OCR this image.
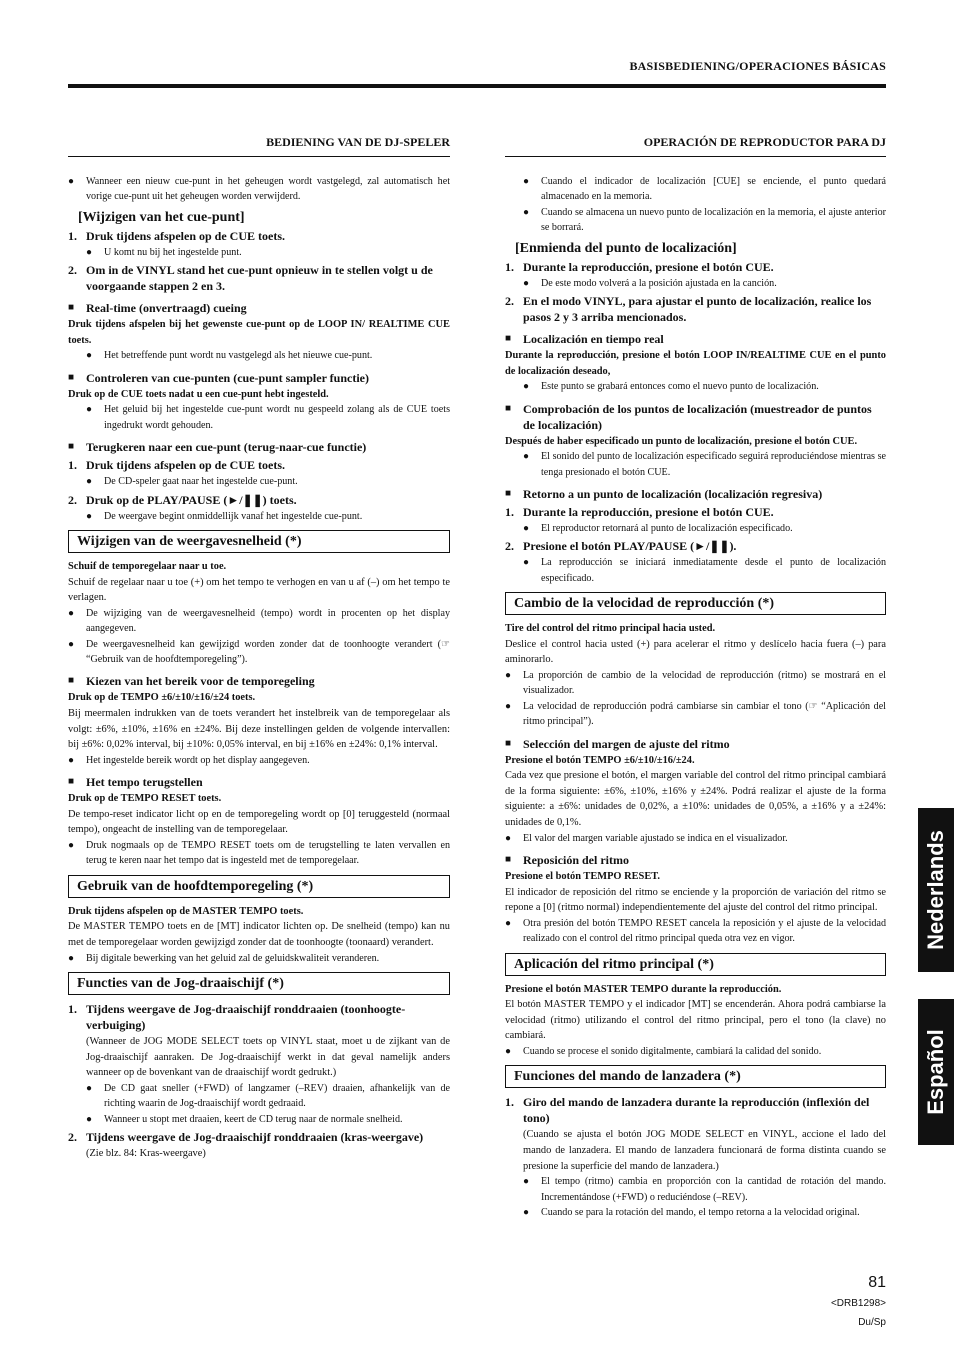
BASISBEDIENING/OPERACIONES BÁSICAS
BEDIENING VAN DE DJ-SPELER

● Wanneer een nieuw cue-punt in het geheugen wordt vastgelegd, zal automatisch het vorige cue-punt uit het geheugen worden verwijderd.

[Wijzigen van het cue-punt]
1. Druk tijdens afspelen op de CUE toets.

● U komt nu bij het ingestelde punt.

2. Om in de VINYL stand het cue-punt opnieuw in te stellen volgt u de voorgaande stappen 2 en 3.
■ Real-time (onvertraagd) cueing

Druk tijdens afspelen bij het gewenste cue-punt op de LOOP IN/ REALTIME CUE toets.

● Het betreffende punt wordt nu vastgelegd als het nieuwe cue-punt.

■ Controleren van cue-punten (cue-punt sampler functie)

Druk op de CUE toets nadat u een cue-punt hebt ingesteld.

● Het geluid bij het ingestelde cue-punt wordt nu gespeeld zolang als de CUE toets ingedrukt wordt gehouden.

■ Terugkeren naar een cue-punt (terug-naar-cue functie)
1. Druk tijdens afspelen op de CUE toets.

● De CD-speler gaat naar het ingestelde cue-punt.

2. Druk op de PLAY/PAUSE (►/❚❚) toets.

● De weergave begint onmiddellijk vanaf het ingestelde cue-punt.

Wijzigen van de weergavesnelheid (*)

Schuif de temporegelaar naar u toe.

Schuif de regelaar naar u toe (+) om het tempo te verhogen en van u af (–) om het tempo te verlagen.

● De wijziging van de weergavesnelheid (tempo) wordt in procenten op het display aangegeven.

● De weergavesnelheid kan gewijzigd worden zonder dat de toonhoogte verandert (☞ “Gebruik van de hoofdtemporegeling”).

■ Kiezen van het bereik voor de temporegeling

Druk op de TEMPO ±6/±10/±16/±24 toets.

Bij meermalen indrukken van de toets verandert het instelbreik van de temporegelaar als volgt: ±6%, ±10%, ±16% en ±24%. Bij deze instellingen gelden de volgende intervallen: bij ±6%: 0,02% interval, bij ±10%: 0,05% interval, en bij ±16% en ±24%: 0,1% interval.

● Het ingestelde bereik wordt op het display aangegeven.

■ Het tempo terugstellen

Druk op de TEMPO RESET toets.

De tempo-reset indicator licht op en de temporegeling wordt op [0] teruggesteld (normaal tempo), ongeacht de instelling van de temporegelaar.

● Druk nogmaals op de TEMPO RESET toets om de terugstelling te laten vervallen en terug te keren naar het tempo dat is ingesteld met de temporegelaar.

Gebruik van de hoofdtemporegeling (*)

Druk tijdens afspelen op de MASTER TEMPO toets.

De MASTER TEMPO toets en de [MT] indicator lichten op. De snelheid (tempo) kan nu met de temporegelaar worden gewijzigd zonder dat de toonhoogte (toonaard) verandert.

● Bij digitale bewerking van het geluid zal de geluidskwaliteit veranderen.

Functies van de Jog-draaischijf (*)
1. Tijdens weergave de Jog-draaischijf ronddraaien (toonhoogte-verbuiging)

(Wanneer de JOG MODE SELECT toets op VINYL staat, moet u de zijkant van de Jog-draaischijf aanraken. De Jog-draaischijf werkt in dat geval namelijk anders wanneer op de bovenkant van de draaischijf wordt gedrukt.)

● De CD gaat sneller (+FWD) of langzamer (–REV) draaien, afhankelijk van de richting waarin de Jog-draaischijf wordt gedraaid.

● Wanneer u stopt met draaien, keert de CD terug naar de normale snelheid.

2. Tijdens weergave de Jog-draaischijf ronddraaien (kras-weergave)

(Zie blz. 84: Kras-weergave)

OPERACIÓN DE REPRODUCTOR PARA DJ

● Cuando el indicador de localización [CUE] se enciende, el punto quedará almacenado en la memoria.

● Cuando se almacena un nuevo punto de localización en la memoria, el ajuste anterior se borrará.

[Enmienda del punto de localización]
1. Durante la reproducción, presione el botón CUE.

● De este modo volverá a la posición ajustada en la canción.

2. En el modo VINYL, para ajustar el punto de localización, realice los pasos 2 y 3 arriba mencionados.
■ Localización en tiempo real

Durante la reproducción, presione el botón LOOP IN/REALTIME CUE en el punto de localización deseado,

● Este punto se grabará entonces como el nuevo punto de localización.

■ Comprobación de los puntos de localización (muestreador de puntos de localización)

Después de haber especificado un punto de localización, presione el botón CUE.

● El sonido del punto de localización especificado seguirá reproduciéndose mientras se tenga presionado el botón CUE.

■ Retorno a un punto de localización (localización regresiva)
1. Durante la reproducción, presione el botón CUE.

● El reproductor retornará al punto de localización especificado.

2. Presione el botón PLAY/PAUSE (►/❚❚).

● La reproducción se iniciará inmediatamente desde el punto de localización especificado.

Cambio de la velocidad de reproducción (*)

Tire del control del ritmo principal hacia usted.

Deslice el control hacia usted (+) para acelerar el ritmo y deslícelo hacia fuera (–) para aminorarlo.

● La proporción de cambio de la velocidad de reproducción (ritmo) se mostrará en el visualizador.

● La velocidad de reproducción podrá cambiarse sin cambiar el tono (☞ “Aplicación del ritmo principal”).

■ Selección del margen de ajuste del ritmo

Presione el botón TEMPO ±6/±10/±16/±24.

Cada vez que presione el botón, el margen variable del control del ritmo principal cambiará de la forma siguiente: ±6%, ±10%, ±16% y ±24%. Podrá realizar el ajuste de la forma siguiente: a ±6%: unidades de 0,02%, a ±10%: unidades de 0,05%, a ±16% y a ±24%: unidades de 0,1%.

● El valor del margen variable ajustado se indica en el visualizador.

■ Reposición del ritmo

Presione el botón TEMPO RESET.

El indicador de reposición del ritmo se enciende y la proporción de variación del ritmo se repone a [0] (ritmo normal) independientemente del ajuste del control del ritmo principal.

● Otra presión del botón TEMPO RESET cancela la reposición y el ajuste de la velocidad realizado con el control del ritmo principal queda otra vez en vigor.

Aplicación del ritmo principal (*)

Presione el botón MASTER TEMPO durante la reproducción.

El botón MASTER TEMPO y el indicador [MT] se encenderán. Ahora podrá cambiarse la velocidad (ritmo) utilizando el control del ritmo principal, pero el tono (la clave) no cambiará.

● Cuando se procese el sonido digitalmente, cambiará la calidad del sonido.

Funciones del mando de lanzadera (*)
1. Giro del mando de lanzadera durante la reproducción (inflexión del tono)

(Cuando se ajusta el botón JOG MODE SELECT en VINYL, accione el lado del mando de lanzadera. El mando de lanzadera funcionará de forma distinta cuando se presione la superficie del mando de lanzadera.)

● El tempo (ritmo) cambia en proporción con la cantidad de rotación del mando. Incrementándose (+FWD) o reduciéndose (–REV).

● Cuando se para la rotación del mando, el tempo retorna a la velocidad original.

Nederlands
Español
81
<DRB1298>
Du/Sp
